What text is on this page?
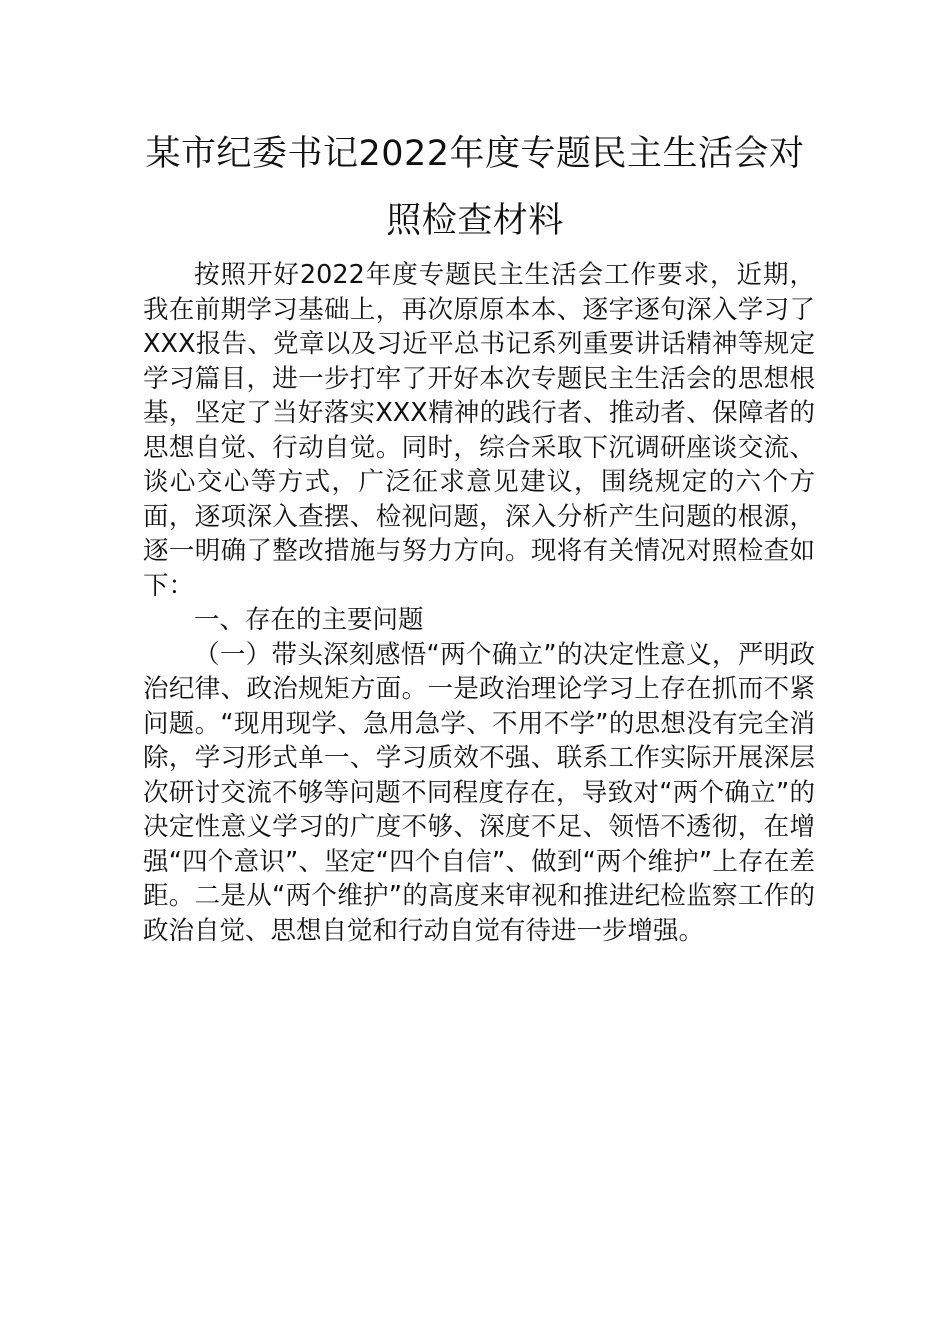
某市纪委书记2022年度专题民主生活会对
照检查材料

按照开好2022年度专题民主生活会工作要求，近期，我在前期学习基础上，再次原原本本、逐字逐句深入学习了XXX报告、党章以及习近平总书记系列重要讲话精神等规定学习篇目，进一步打牢了开好本次专题民主生活会的思想根基，坚定了当好落实XXX精神的践行者、推动者、保障者的思想自觉、行动自觉。同时，综合采取下沉调研座谈交流、谈心交心等方式，广泛征求意见建议，围绕规定的六个方面，逐项深入查摆、检视问题，深入分析产生问题的根源，逐一明确了整改措施与努力方向。现将有关情况对照检查如下：

一、存在的主要问题

（一）带头深刻感悟“两个确立”的决定性意义，严明政治纪律、政治规矩方面。一是政治理论学习上存在抓而不紧问题。“现用现学、急用急学、不用不学”的思想没有完全消除，学习形式单一、学习质效不强、联系工作实际开展深层次研讨交流不够等问题不同程度存在，导致对“两个确立”的决定性意义学习的广度不够、深度不足、领悟不透彻，在增强“四个意识”、坚定“四个自信”、做到“两个维护”上存在差距。二是从“两个维护”的高度来审视和推进纪检监察工作的政治自觉、思想自觉和行动自觉有待进一步增强。
